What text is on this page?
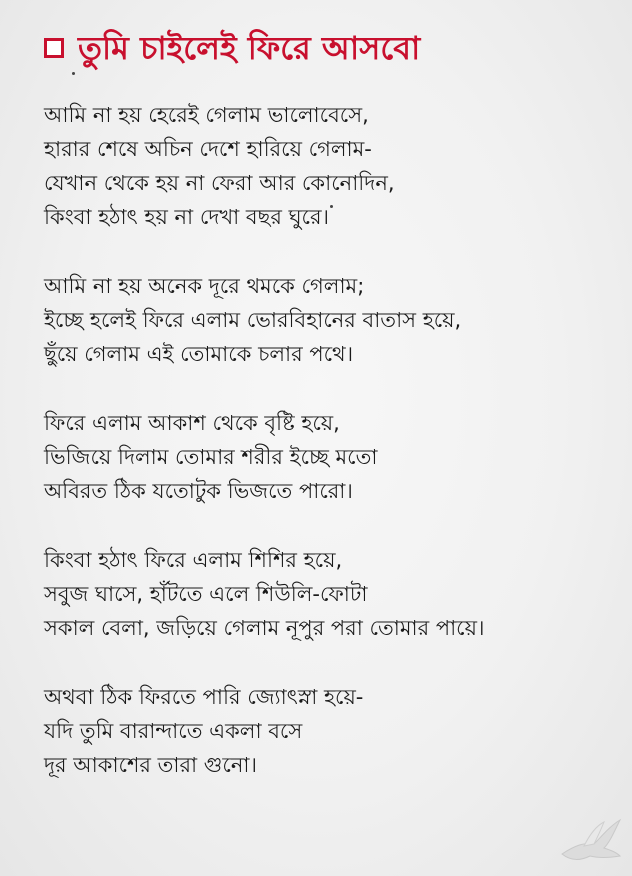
তুমি চাইলেই ফিরে আসবো
আমি না হয় হেরেই গেলাম ভালোবেসে,
হারার শেষে অচিন দেশে হারিয়ে গেলাম-
যেখান থেকে হয় না ফেরা আর কোনোদিন,
কিংবা হঠাৎ হয় না দেখা বছর ঘুরে।
আমি না হয় অনেক দূরে থমকে গেলাম;
ইচ্ছে হলেই ফিরে এলাম ভোরবিহানের বাতাস হয়ে,
ছুঁয়ে গেলাম এই তোমাকে চলার পথে।
ফিরে এলাম আকাশ থেকে বৃষ্টি হয়ে,
ভিজিয়ে দিলাম তোমার শরীর ইচ্ছে মতো
অবিরত ঠিক যতোটুক ভিজতে পারো।
কিংবা হঠাৎ ফিরে এলাম শিশির হয়ে,
সবুজ ঘাসে, হাঁটতে এলে শিউলি-ফোটা
সকাল বেলা, জড়িয়ে গেলাম নূপুর পরা তোমার পায়ে।
অথবা ঠিক ফিরতে পারি জ্যোৎস্না হয়ে-
যদি তুমি বারান্দাতে একলা বসে
দূর আকাশের তারা গুনো।
